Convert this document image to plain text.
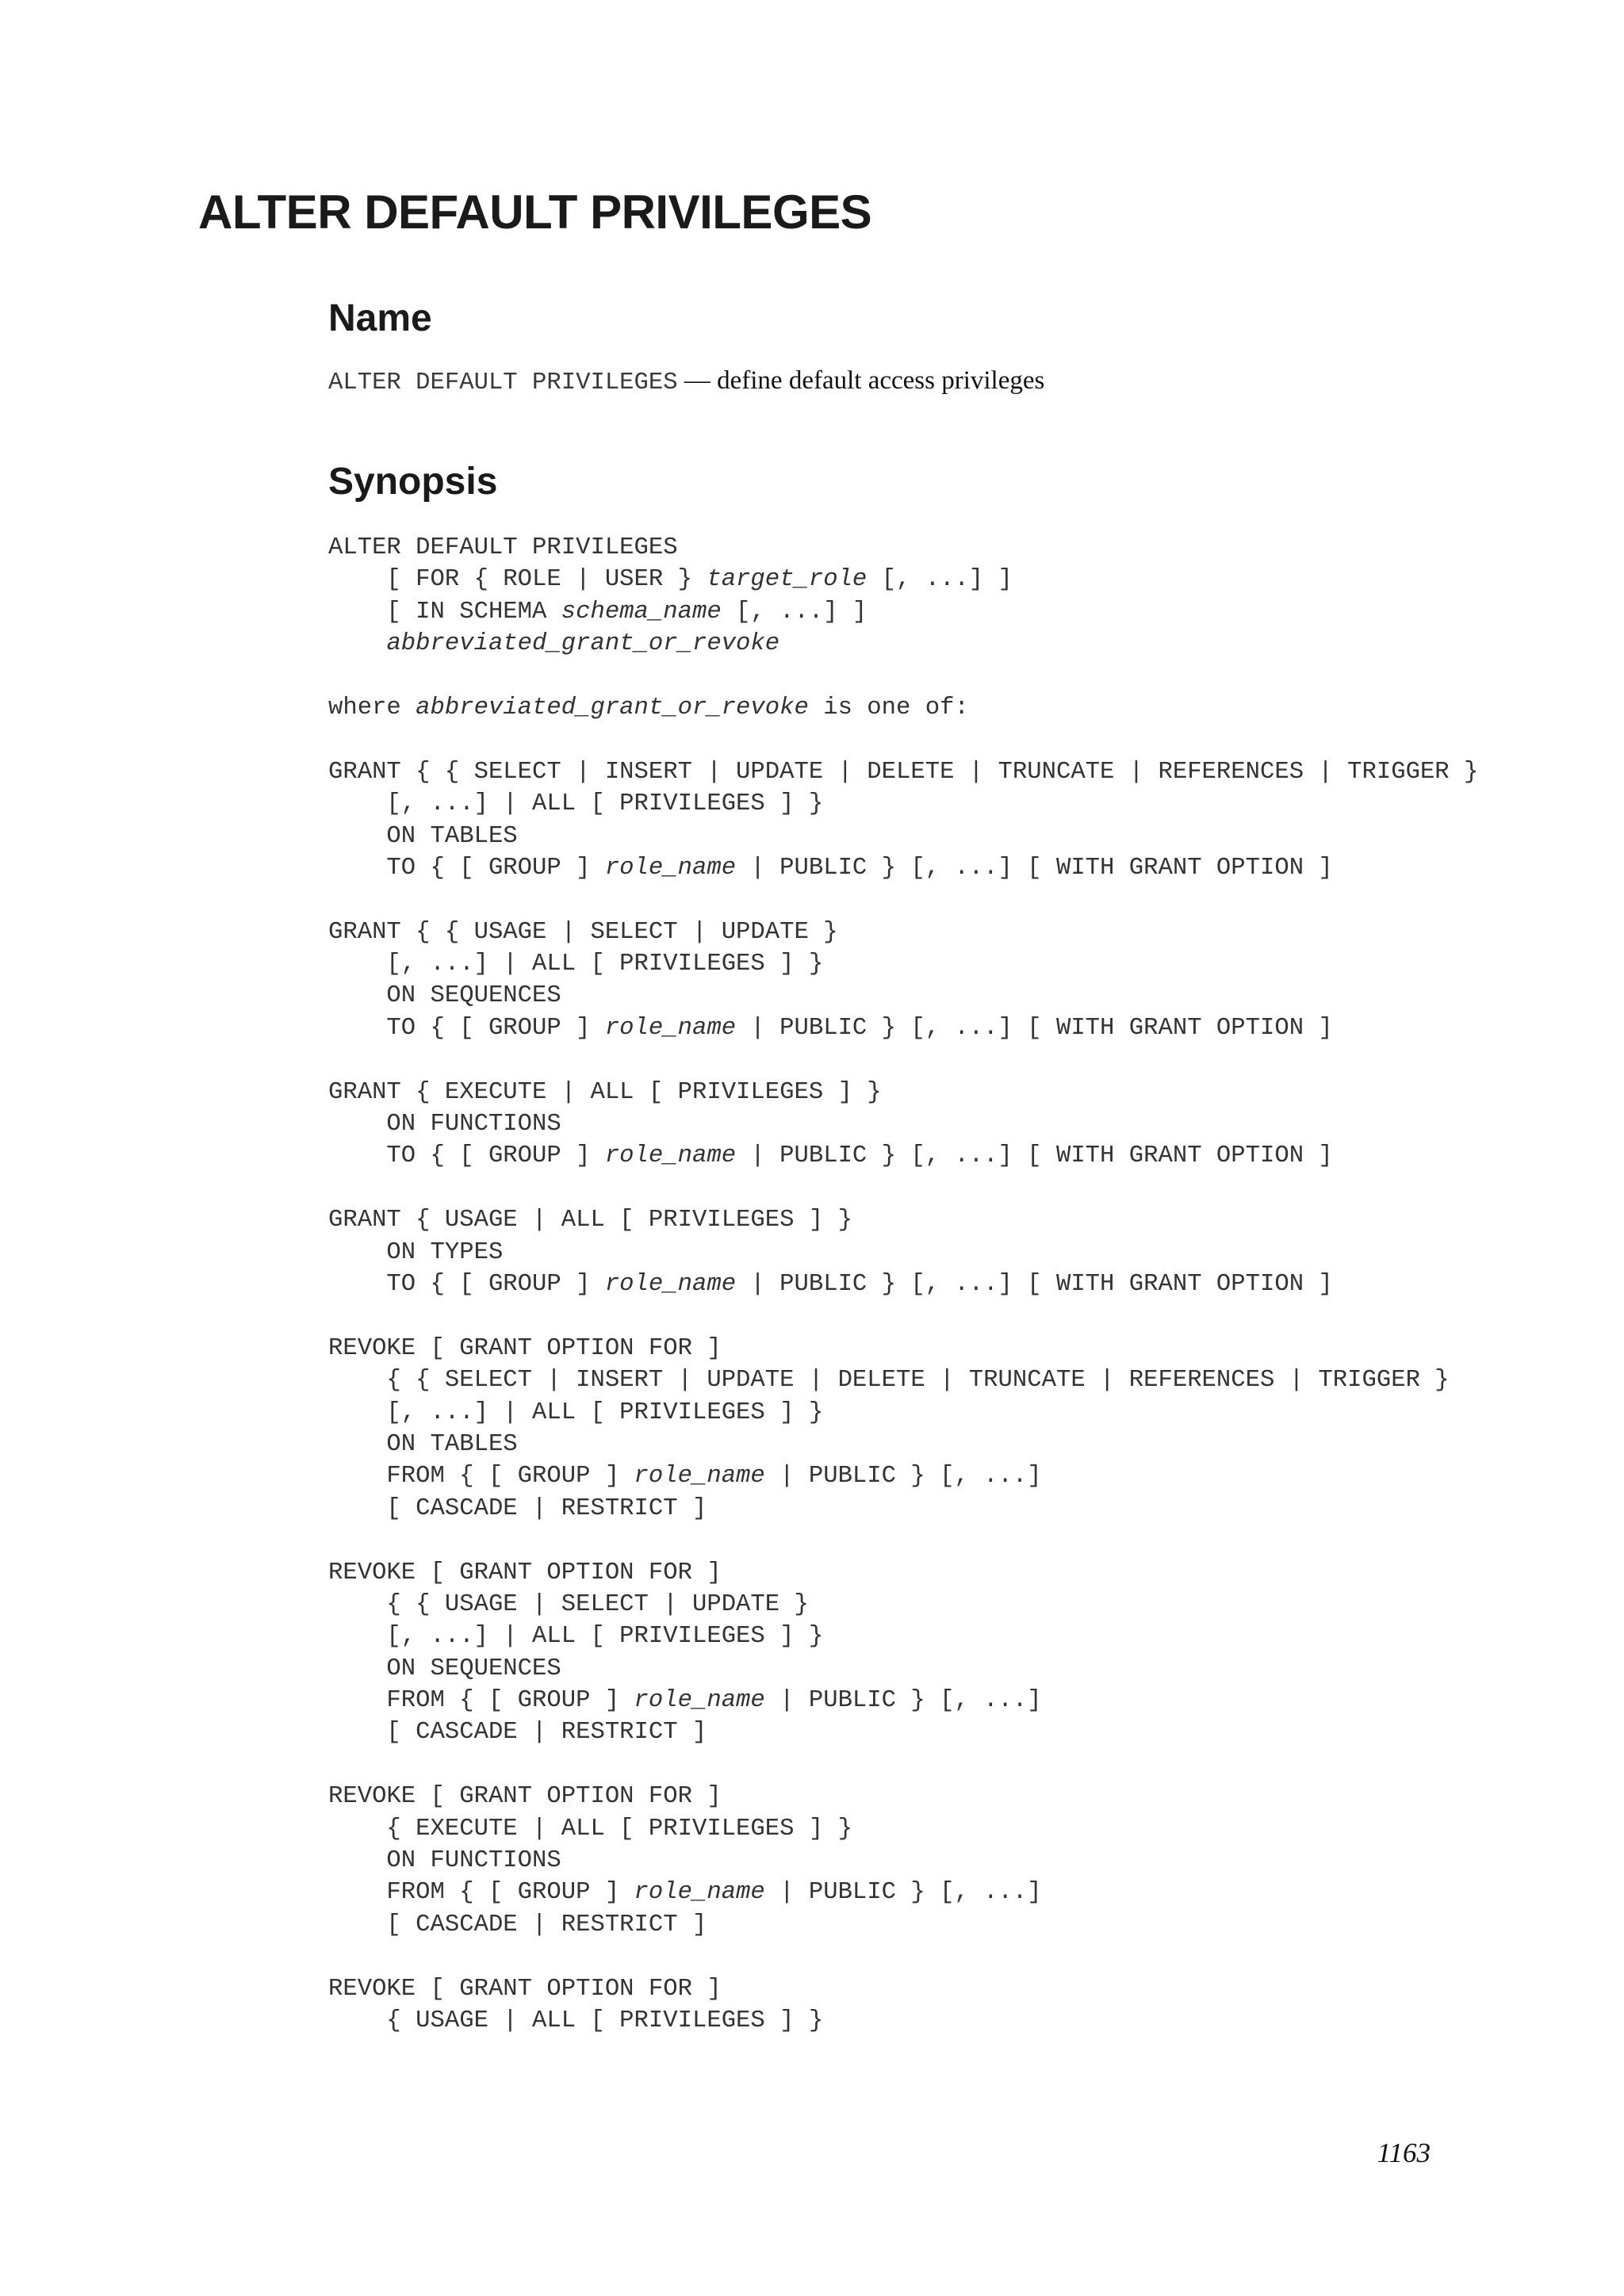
ALTER DEFAULT PRIVILEGES
Name
ALTER DEFAULT PRIVILEGES — define default access privileges
Synopsis
ALTER DEFAULT PRIVILEGES
[ FOR { ROLE | USER } target_role [, ...] ]
[ IN SCHEMA schema_name [, ...] ]
abbreviated_grant_or_revoke
where abbreviated_grant_or_revoke is one of:
GRANT { { SELECT | INSERT | UPDATE | DELETE | TRUNCATE | REFERENCES | TRIGGER }
[, ...] | ALL [ PRIVILEGES ] }
ON TABLES
TO { [ GROUP ] role_name | PUBLIC } [, ...] [ WITH GRANT OPTION ]
GRANT { { USAGE | SELECT | UPDATE }
[, ...] | ALL [ PRIVILEGES ] }
ON SEQUENCES
TO { [ GROUP ] role_name | PUBLIC } [, ...] [ WITH GRANT OPTION ]
GRANT { EXECUTE | ALL [ PRIVILEGES ] }
ON FUNCTIONS
TO { [ GROUP ] role_name | PUBLIC } [, ...] [ WITH GRANT OPTION ]
GRANT { USAGE | ALL [ PRIVILEGES ] }
ON TYPES
TO { [ GROUP ] role_name | PUBLIC } [, ...] [ WITH GRANT OPTION ]
REVOKE [ GRANT OPTION FOR ]
{ { SELECT | INSERT | UPDATE | DELETE | TRUNCATE | REFERENCES | TRIGGER }
[, ...] | ALL [ PRIVILEGES ] }
ON TABLES
FROM { [ GROUP ] role_name | PUBLIC } [, ...]
[ CASCADE | RESTRICT ]
REVOKE [ GRANT OPTION FOR ]
{ { USAGE | SELECT | UPDATE }
[, ...] | ALL [ PRIVILEGES ] }
ON SEQUENCES
FROM { [ GROUP ] role_name | PUBLIC } [, ...]
[ CASCADE | RESTRICT ]
REVOKE [ GRANT OPTION FOR ]
{ EXECUTE | ALL [ PRIVILEGES ] }
ON FUNCTIONS
FROM { [ GROUP ] role_name | PUBLIC } [, ...]
[ CASCADE | RESTRICT ]
REVOKE [ GRANT OPTION FOR ]
{ USAGE | ALL [ PRIVILEGES ] }
1163
